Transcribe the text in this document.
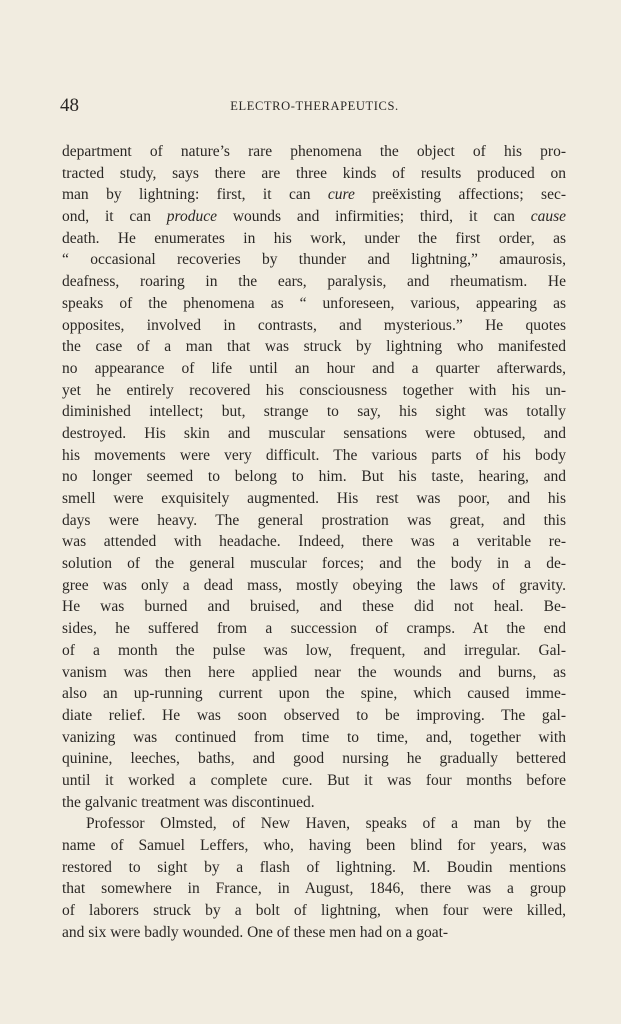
48	ELECTRO-THERAPEUTICS.
department of nature’s rare phenomena the object of his pro-
tracted study, says there are three kinds of results produced on
man by lightning: first, it can cure preëxisting affections; sec-
ond, it can produce wounds and infirmities; third, it can cause
death. He enumerates in his work, under the first order, as
“ occasional recoveries by thunder and lightning,” amaurosis,
deafness, roaring in the ears, paralysis, and rheumatism. He
speaks of the phenomena as “ unforeseen, various, appearing as
opposites, involved in contrasts, and mysterious.” He quotes
the case of a man that was struck by lightning who manifested
no appearance of life until an hour and a quarter afterwards,
yet he entirely recovered his consciousness together with his un-
diminished intellect; but, strange to say, his sight was totally
destroyed. His skin and muscular sensations were obtused, and
his movements were very difficult. The various parts of his body
no longer seemed to belong to him. But his taste, hearing, and
smell were exquisitely augmented. His rest was poor, and his
days were heavy. The general prostration was great, and this
was attended with headache. Indeed, there was a veritable re-
solution of the general muscular forces; and the body in a de-
gree was only a dead mass, mostly obeying the laws of gravity.
He was burned and bruised, and these did not heal. Be-
sides, he suffered from a succession of cramps. At the end
of a month the pulse was low, frequent, and irregular. Gal-
vanism was then here applied near the wounds and burns, as
also an up-running current upon the spine, which caused imme-
diate relief. He was soon observed to be improving. The gal-
vanizing was continued from time to time, and, together with
quinine, leeches, baths, and good nursing he gradually bettered
until it worked a complete cure. But it was four months before
the galvanic treatment was discontinued.
Professor Olmsted, of New Haven, speaks of a man by the
name of Samuel Leffers, who, having been blind for years, was
restored to sight by a flash of lightning. M. Boudin mentions
that somewhere in France, in August, 1846, there was a group
of laborers struck by a bolt of lightning, when four were killed,
and six were badly wounded. One of these men had on a goat-
